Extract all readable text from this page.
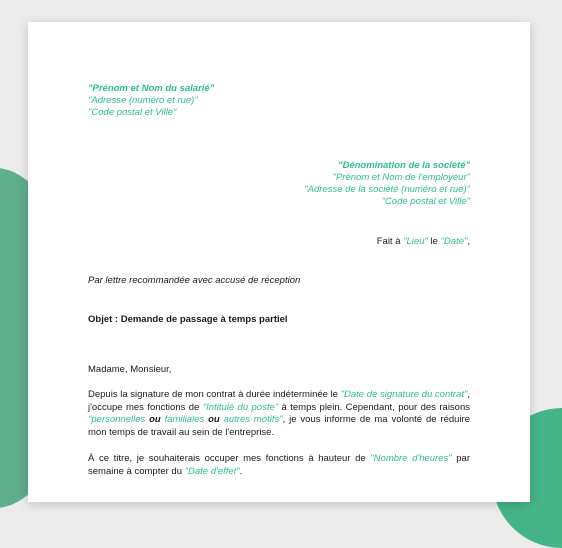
"Prénom et Nom du salarié"
"Adresse (numéro et rue)"
"Code postal et Ville"
"Dénomination de la société"
"Prénom et Nom de l'employeur"
"Adresse de la société (numéro et rue)"
"Code postal et Ville"
Fait à "Lieu" le "Date",
Par lettre recommandée avec accusé de réception
Objet : Demande de passage à temps partiel
Madame, Monsieur,
Depuis la signature de mon contrat à durée indéterminée le "Date de signature du contrat", j'occupe mes fonctions de "Intitulé du poste" à temps plein. Cependant, pour des raisons "personnelles ou familiales ou autres motifs", je vous informe de ma volonté de réduire mon temps de travail au sein de l'entreprise.
À ce titre, je souhaiterais occuper mes fonctions à hauteur de "Nombre d'heures" par semaine à compter du "Date d'effet".
